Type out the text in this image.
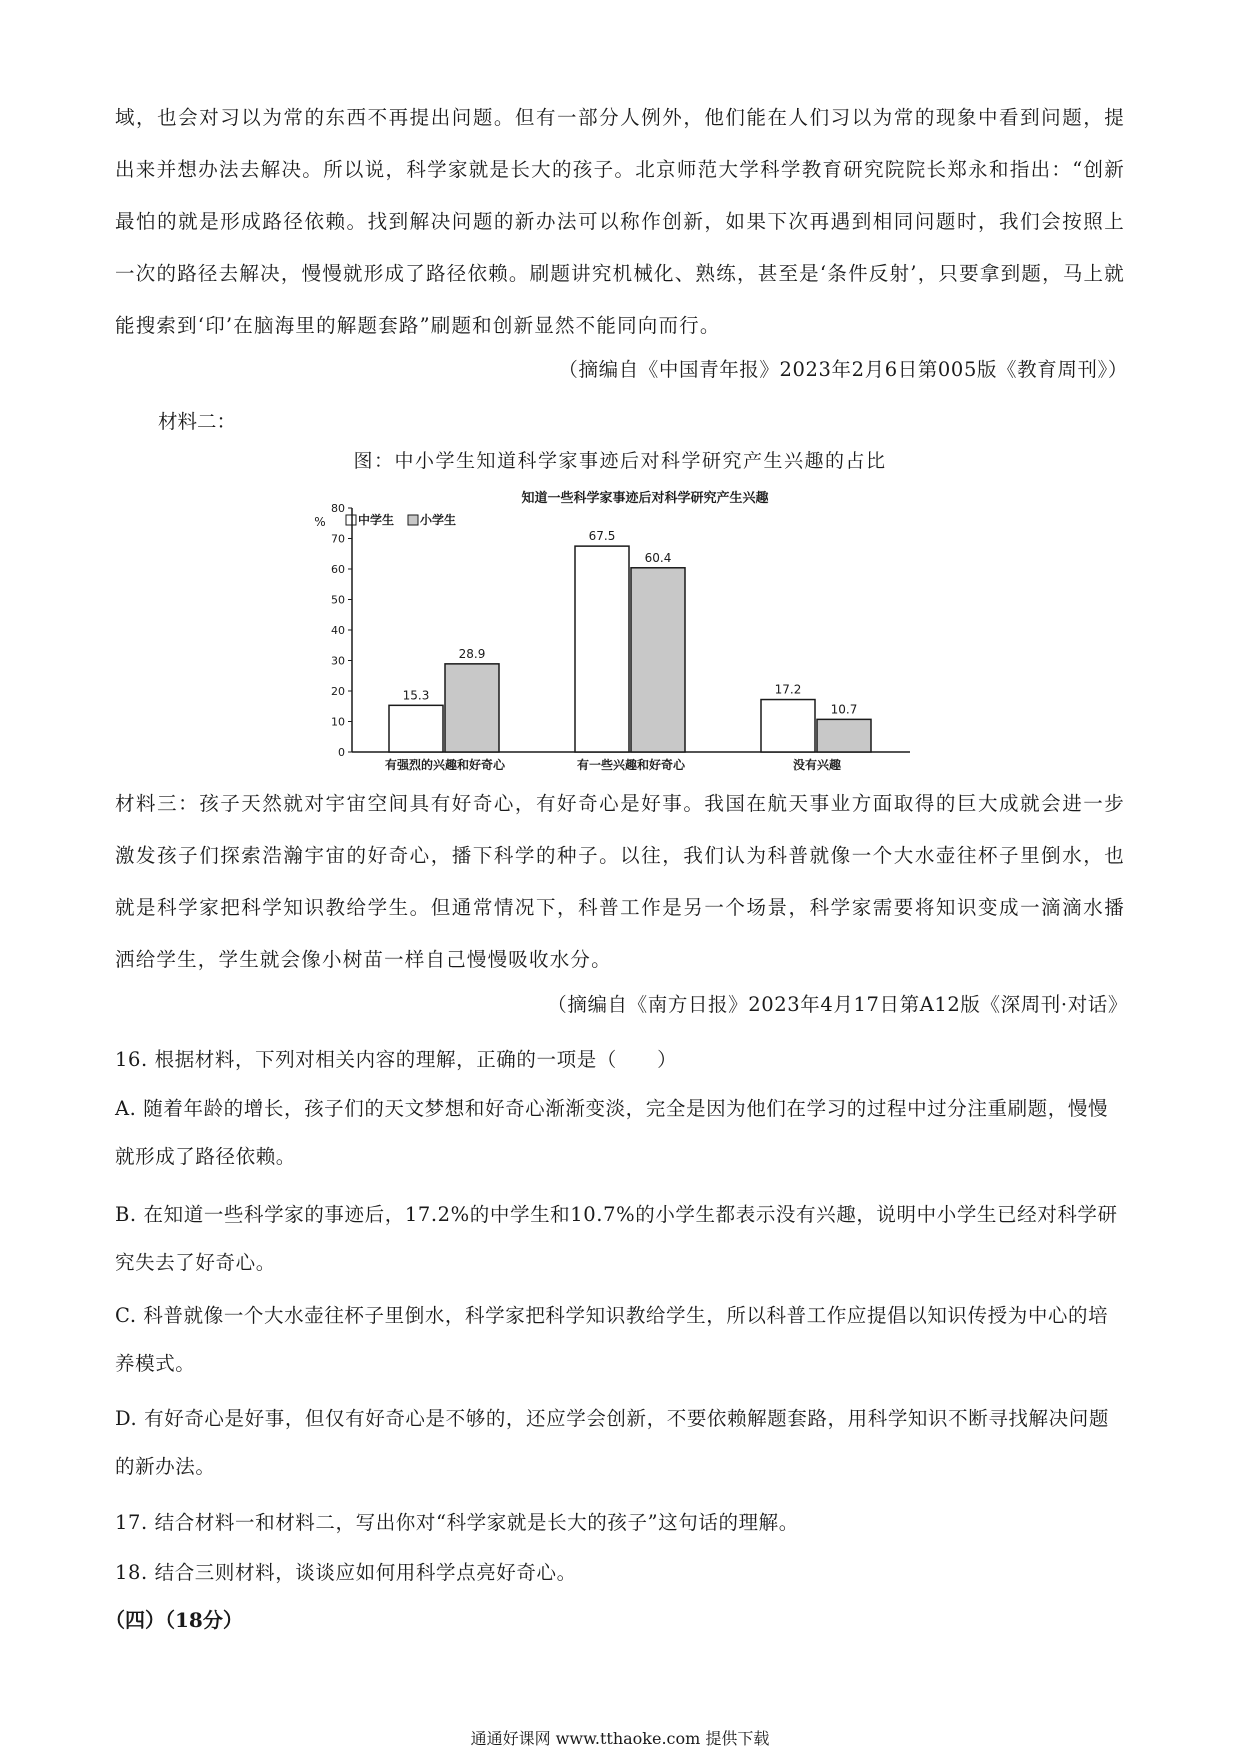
域，也会对习以为常的东西不再提出问题。但有一部分人例外，他们能在人们习以为常的现象中看到问题，提出来并想办法去解决。所以说，科学家就是长大的孩子。北京师范大学科学教育研究院院长郑永和指出：“创新最怕的就是形成路径依赖。找到解决问题的新办法可以称作创新，如果下次再遇到相同问题时，我们会按照上一次的路径去解决，慢慢就形成了路径依赖。刷题讲究机械化、熟练，甚至是‘条件反射’，只要拿到题，马上就能搜索到‘印’在脑海里的解题套路”刷题和创新显然不能同向而行。

（摘编自《中国青年报》2023年2月6日第005版《教育周刊》）

材料二：

图：中小学生知道科学家事迹后对科学研究产生兴趣的占比

知道一些科学家事迹后对科学研究产生兴趣
%	中学生 小学生
0
10
20
30
40
50
60
70
80
15.3
28.9
有强烈的兴趣和好奇心
67.5
60.4
有一些兴趣和好奇心
17.2
10.7
没有兴趣

材料三：孩子天然就对宇宙空间具有好奇心，有好奇心是好事。我国在航天事业方面取得的巨大成就会进一步激发孩子们探索浩瀚宇宙的好奇心，播下科学的种子。以往，我们认为科普就像一个大水壶往杯子里倒水，也就是科学家把科学知识教给学生。但通常情况下，科普工作是另一个场景，科学家需要将知识变成一滴滴水播洒给学生，学生就会像小树苗一样自己慢慢吸收水分。

（摘编自《南方日报》2023年4月17日第A12版《深周刊·对话》

16. 根据材料，下列对相关内容的理解，正确的一项是（　　）

A. 随着年龄的增长，孩子们的天文梦想和好奇心渐渐变淡，完全是因为他们在学习的过程中过分注重刷题，慢慢就形成了路径依赖。

B. 在知道一些科学家的事迹后，17.2%的中学生和10.7%的小学生都表示没有兴趣，说明中小学生已经对科学研究失去了好奇心。

C. 科普就像一个大水壶往杯子里倒水，科学家把科学知识教给学生，所以科普工作应提倡以知识传授为中心的培养模式。

D. 有好奇心是好事，但仅有好奇心是不够的，还应学会创新，不要依赖解题套路，用科学知识不断寻找解决问题的新办法。

17. 结合材料一和材料二，写出你对“科学家就是长大的孩子”这句话的理解。

18. 结合三则材料，谈谈应如何用科学点亮好奇心。

（四）（18分）

通通好课网 www.tthaoke.com 提供下载
